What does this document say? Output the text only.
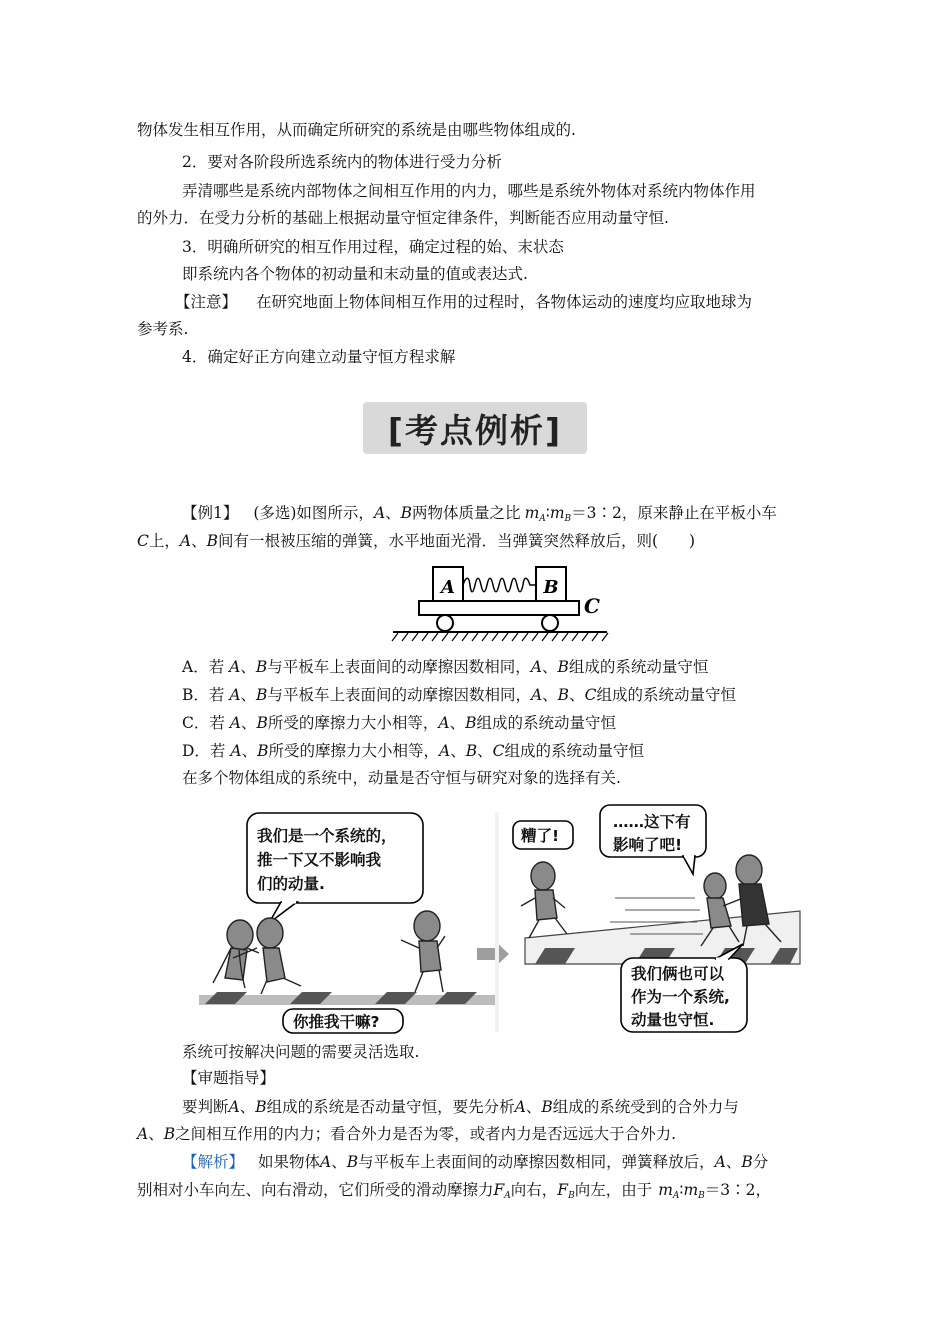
物体发生相互作用，从而确定所研究的系统是由哪些物体组成的.
2．要对各阶段所选系统内的物体进行受力分析
弄清哪些是系统内部物体之间相互作用的内力，哪些是系统外物体对系统内物体作用
的外力．在受力分析的基础上根据动量守恒定律条件，判断能否应用动量守恒.
3．明确所研究的相互作用过程，确定过程的始、末状态
即系统内各个物体的初动量和末动量的值或表达式.
【注意】 在研究地面上物体间相互作用的过程时，各物体运动的速度均应取地球为
参考系.
4．确定好正方向建立动量守恒方程求解
[考点例析]
【例1】 (多选)如图所示，A、B两物体质量之比 $m_A∶m_B=3∶2$，原来静止在平板小车
C上，A、B间有一根被压缩的弹簧，水平地面光滑．当弹簧突然释放后，则(　　)
A	B
C
A．若 A、B与平板车上表面间的动摩擦因数相同，A、B组成的系统动量守恒
B．若 A、B与平板车上表面间的动摩擦因数相同，A、B、C组成的系统动量守恒
C．若 A、B所受的摩擦力大小相等，A、B组成的系统动量守恒
D．若 A、B所受的摩擦力大小相等，A、B、C组成的系统动量守恒
在多个物体组成的系统中，动量是否守恒与研究对象的选择有关.
我们是一个系统的，
推一下又不影响我
们的动量.
你推我干嘛?
糟了!
……这下有
影响了吧!
我们俩也可以
作为一个系统,
动量也守恒.
系统可按解决问题的需要灵活选取.
【审题指导】
要判断A、B组成的系统是否动量守恒，要先分析A、B组成的系统受到的合外力与
A、B之间相互作用的内力；看合外力是否为零，或者内力是否远远大于合外力.
【解析】 如果物体A、B与平板车上表面间的动摩擦因数相同，弹簧释放后，A、B分
别相对小车向左、向右滑动，它们所受的滑动摩擦力$F_A$向右，$F_B$向左，由于 $m_A∶m_B=3∶2$，
